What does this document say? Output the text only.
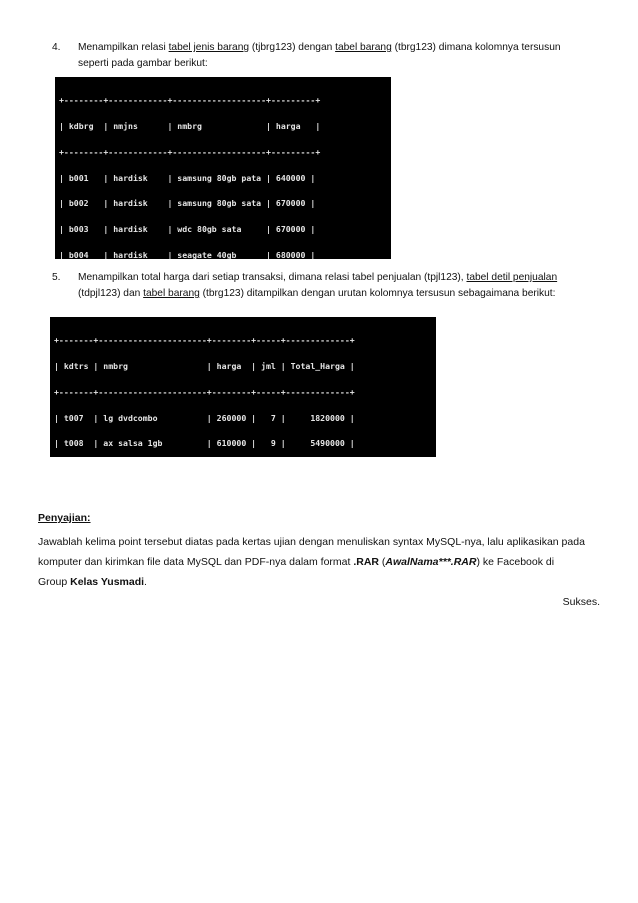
4.	Menampilkan relasi tabel jenis barang (tjbrg123) dengan tabel barang (tbrg123) dimana kolomnya tersusun
seperti pada gambar berikut:

+--------+------------+-------------------+---------+

| kdbrg  | nmjns      | nmbrg             | harga   |

+--------+------------+-------------------+---------+

| b001   | hardisk    | samsung 80gb pata | 640000 |

| b002   | hardisk    | samsung 80gb sata | 670000 |

| b003   | hardisk    | wdc 80gb sata     | 670000 |

| b004   | hardisk    | seagate 40gb      | 680000 |

5.	Menampilkan total harga dari setiap transaksi, dimana relasi tabel penjualan (tpjl123), tabel detil penjualan
(tdpjl123) dan tabel barang (tbrg123) ditampilkan dengan urutan kolomnya tersusun sebagaimana berikut:

+-------+----------------------+--------+-----+-------------+

| kdtrs | nmbrg                | harga  | jml | Total_Harga |

+-------+----------------------+--------+-----+-------------+

| t007  | lg dvdcombo          | 260000 |   7 |     1820000 |

| t008  | ax salsa 1gb         | 610000 |   9 |     5490000 |

Penyajian:
Jawablah kelima point tersebut diatas pada kertas ujian dengan menuliskan syntax MySQL-nya, lalu aplikasikan pada
komputer dan kirimkan file data MySQL dan PDF-nya dalam format .RAR (AwalNama***.RAR) ke Facebook di
Group Kelas Yusmadi.
Sukses.
